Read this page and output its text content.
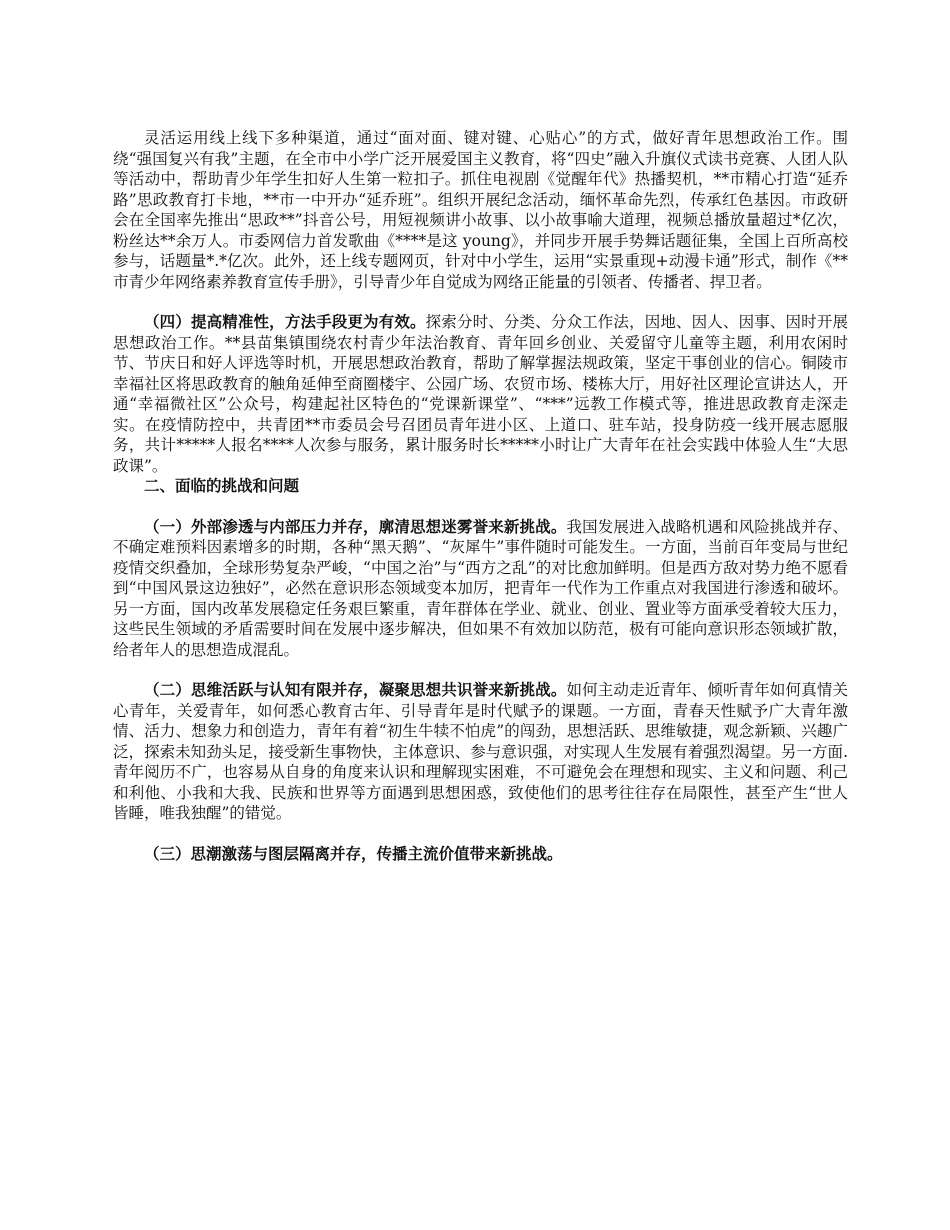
灵活运用线上线下多种渠道，通过“面对面、键对键、心贴心”的方式，做好青年思想政治工作。围绕“强国复兴有我”主题，在全市中小学广泛开展爱国主义教育，将“四史”融入升旗仪式读书竞赛、人团人队等活动中，帮助青少年学生扣好人生第一粒扣子。抓住电视剧《觉醒年代》热播契机，**市精心打造“延乔路”思政教育打卡地，**市一中开办“延乔班”。组织开展纪念活动，缅怀革命先烈，传承红色基因。市政研会在全国率先推出“思政**”抖音公号，用短视频讲小故事、以小故事喻大道理，视频总播放量超过*亿次，粉丝达**余万人。市委网信力首发歌曲《****是这 young》，并同步开展手势舞话题征集，全国上百所高校参与，话题量*.*亿次。此外，还上线专题网页，针对中小学生，运用“实景重现+动漫卡通”形式，制作《**市青少年网络素养教育宣传手册》，引导青少年自觉成为网络正能量的引领者、传播者、捍卫者。

（四）提高精准性，方法手段更为有效。探索分时、分类、分众工作法，因地、因人、因事、因时开展思想政治工作。**县苗集镇围绕农村青少年法治教育、青年回乡创业、关爱留守儿童等主题，利用农闲时节、节庆日和好人评选等时机，开展思想政治教育，帮助了解掌握法规政策，坚定干事创业的信心。铜陵市幸福社区将思政教育的触角延伸至商圈楼宇、公园广场、农贸市场、楼栋大厅，用好社区理论宣讲达人，开通“幸福微社区”公众号，构建起社区特色的“党课新课堂”、“***”远教工作模式等，推进思政教育走深走实。在疫情防控中，共青团**市委员会号召团员青年进小区、上道口、驻车站，投身防疫一线开展志愿服务，共计*****人报名****人次参与服务，累计服务时长*****小时让广大青年在社会实践中体验人生“大思政课”。

二、面临的挑战和问题

（一）外部渗透与内部压力并存，廓清思想迷雾誉来新挑战。我国发展进入战略机遇和风险挑战并存、不确定难预料因素增多的时期，各种“黑天鹅”、“灰犀牛”事件随时可能发生。一方面，当前百年变局与世纪疫情交织叠加，全球形势复杂严峻，“中国之治”与“西方之乱”的对比愈加鲜明。但是西方敌对势力绝不愿看到“中国风景这边独好”，必然在意识形态领域变本加厉，把青年一代作为工作重点对我国进行渗透和破坏。另一方面，国内改革发展稳定任务艰巨繁重，青年群体在学业、就业、创业、置业等方面承受着较大压力，这些民生领域的矛盾需要时间在发展中逐步解决，但如果不有效加以防范，极有可能向意识形态领域扩散，给者年人的思想造成混乱。

（二）思维活跃与认知有限并存，凝聚思想共识誉来新挑战。如何主动走近青年、倾听青年如何真情关心青年，关爱青年，如何悉心教育古年、引导青年是时代赋予的课题。一方面，青春天性赋予广大青年激情、活力、想象力和创造力，青年有着“初生牛犊不怕虎”的闯劲，思想活跃、思维敏捷，观念新颖、兴趣广泛，探索未知劲头足，接受新生事物快，主体意识、参与意识强，对实现人生发展有着强烈渴望。另一方面.青年阅历不广，也容易从自身的角度来认识和理解现实困难，不可避免会在理想和现实、主义和问题、利己和利他、小我和大我、民族和世界等方面遇到思想困惑，致使他们的思考往往存在局限性，甚至产生“世人皆睡，唯我独醒”的错觉。

（三）思潮激荡与图层隔离并存，传播主流价值带来新挑战。
